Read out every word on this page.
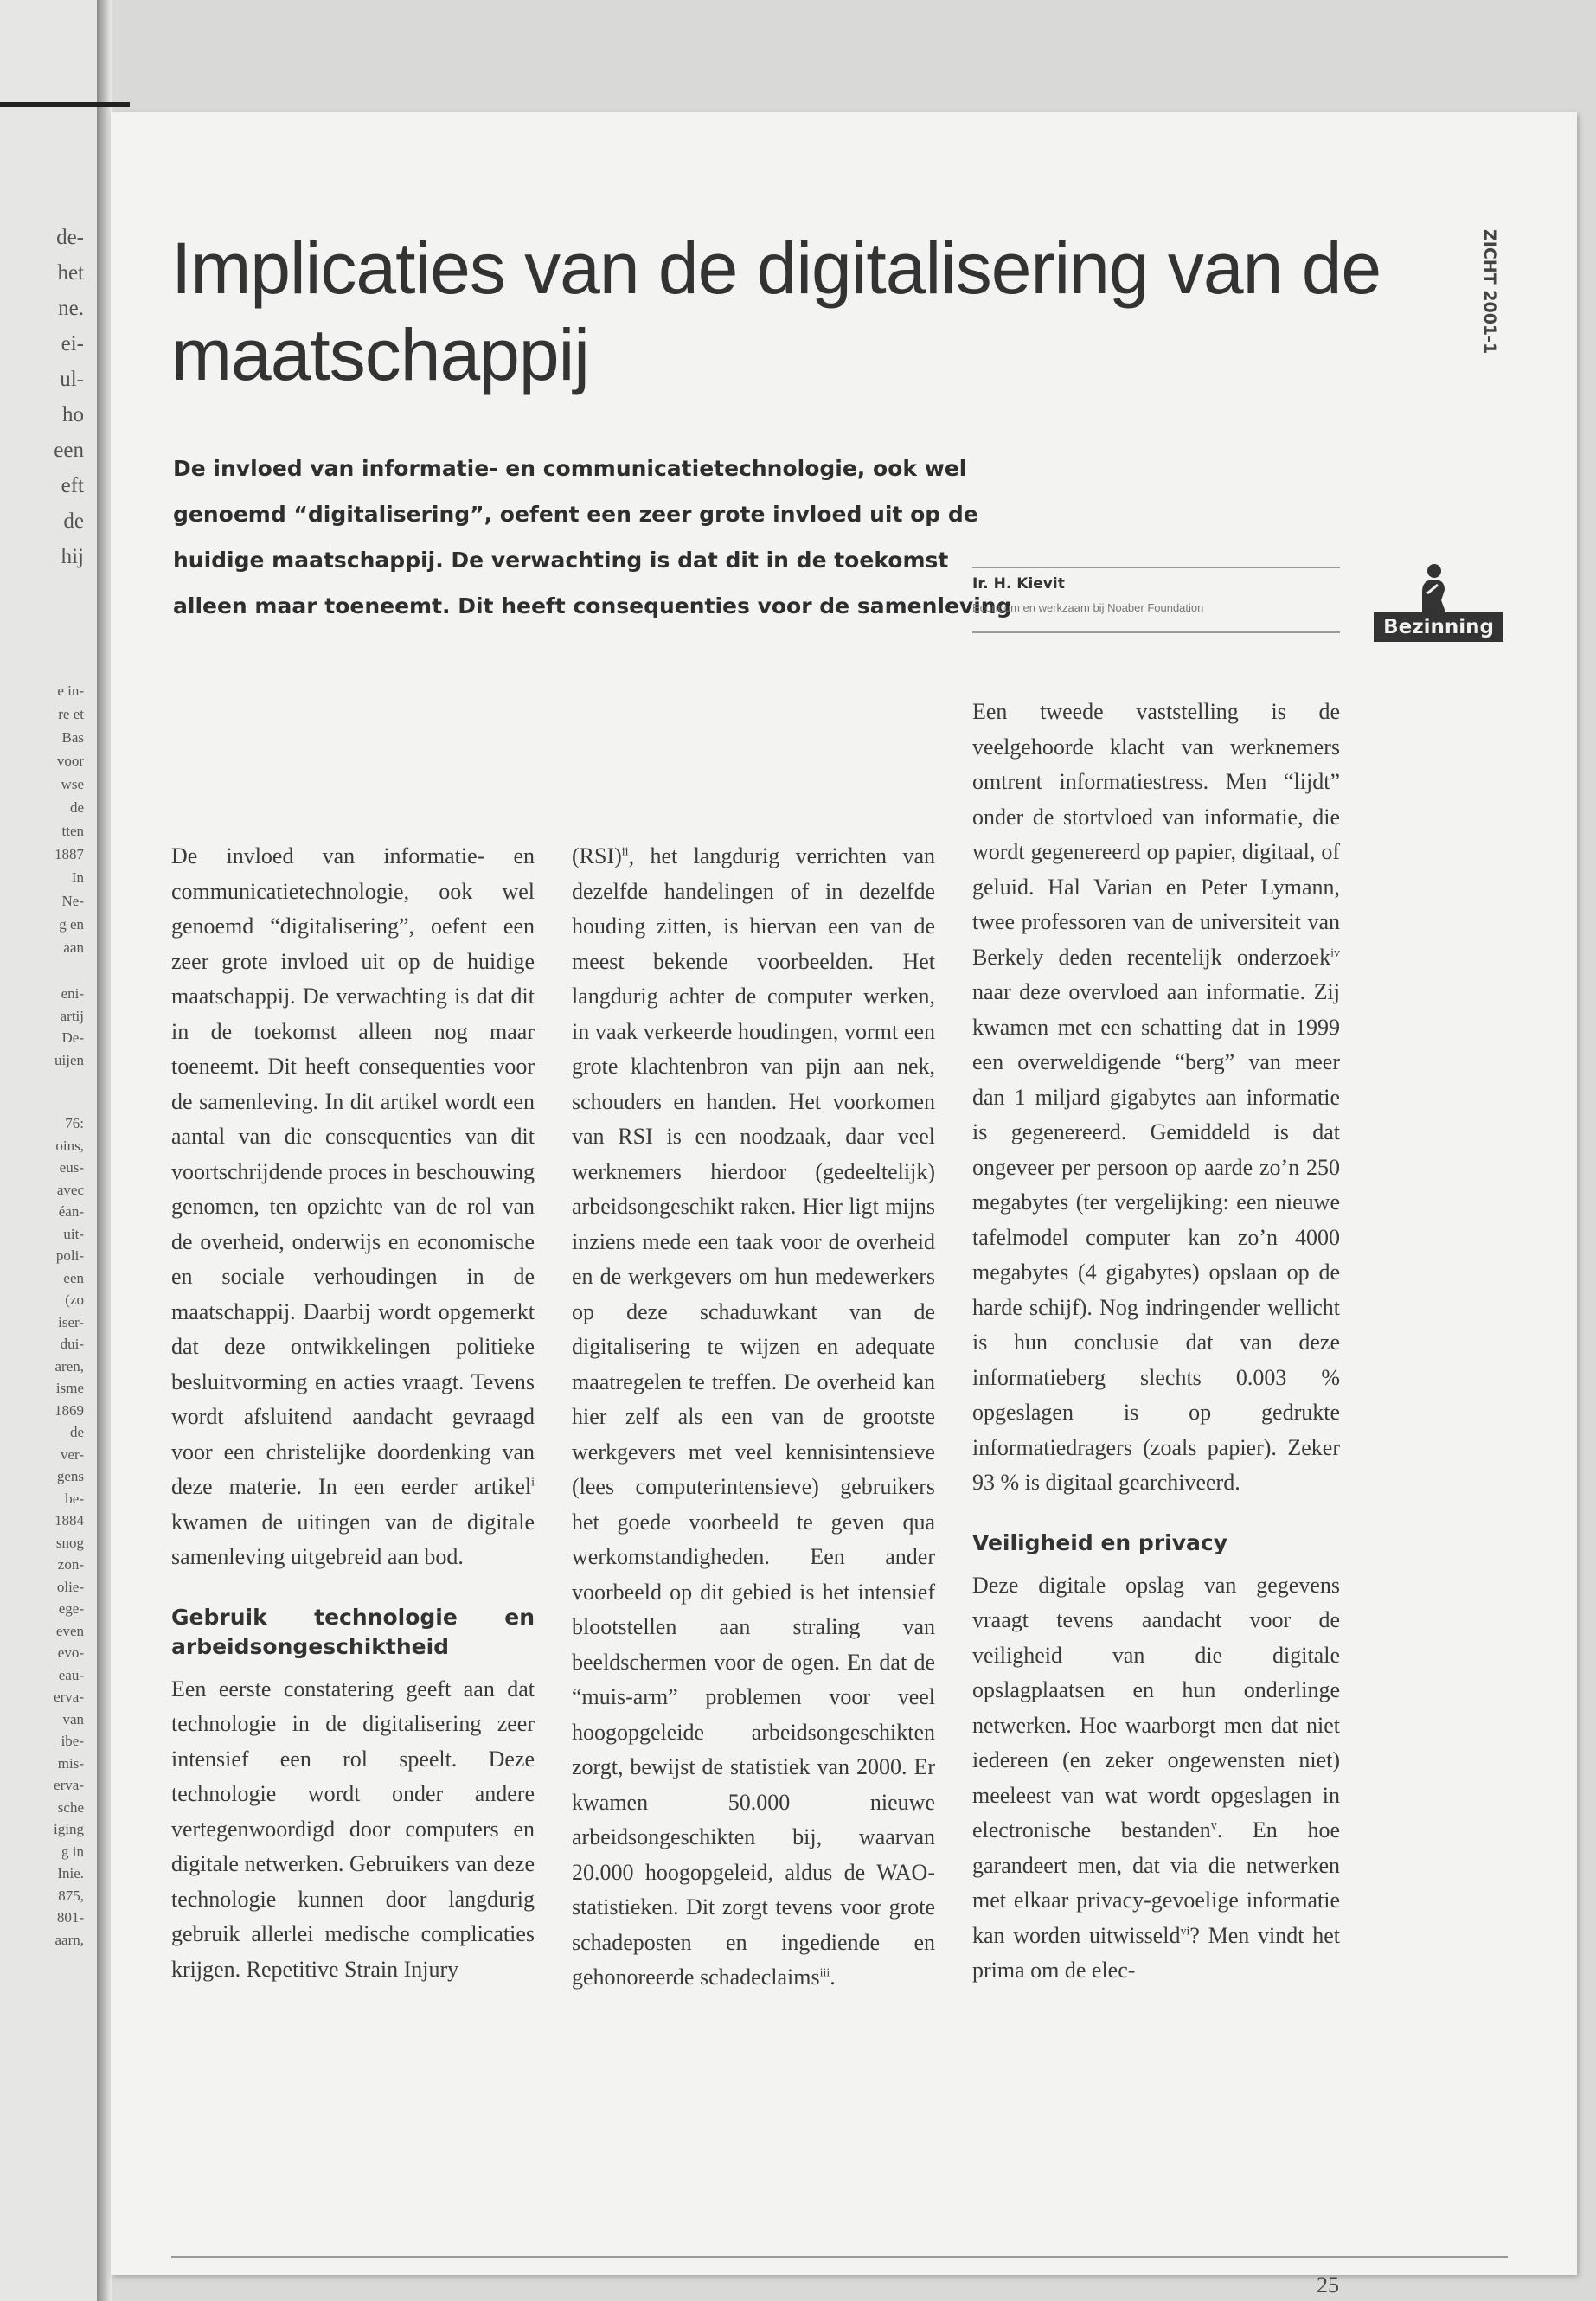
de-
het
ne.
ei-
ul-
ho
een
eft
de
hij
e in-
re et
Bas
voor
wse
de
tten
1887
In
Ne-
g en
aan
eni-
artij
De-
uijen
76:
oins,
eus-
avec
éan-
uit-
poli-
een
(zo
iser-
dui-
aren,
isme
1869
de
ver-
gens
be-
1884
snog
zon-
olie-
ege-
even
evo-
eau-
erva-
van
ibe-
mis-
erva-
sche
iging
g in
Inie.
875,
801-
aarn,
Implicaties van de digitalisering van de maatschappij

De invloed van informatie- en communicatietechnologie, ook wel genoemd “digitalisering”, oefent een zeer grote invloed uit op de huidige maatschappij. De verwachting is dat dit in de toekomst alleen maar toeneemt. Dit heeft consequenties voor de samenleving

De invloed van informatie- en communicatietechnologie, ook wel genoemd “digitalisering”, oefent een zeer grote invloed uit op de huidige maatschappij. De verwachting is dat dit in de toekomst alleen nog maar toeneemt. Dit heeft consequenties voor de samenleving. In dit artikel wordt een aantal van die consequenties van dit voortschrijdende proces in beschouwing genomen, ten opzichte van de rol van de overheid, onderwijs en economische en sociale verhoudingen in de maatschappij. Daarbij wordt opgemerkt dat deze ontwikkelingen politieke besluitvorming en acties vraagt. Tevens wordt afsluitend aandacht gevraagd voor een christelijke doordenking van deze materie. In een eerder artikel$^i$ kwamen de uitingen van de digitale samenleving uitgebreid aan bod.

Gebruik technologie en arbeidsongeschiktheid

Een eerste constatering geeft aan dat technologie in de digitalisering zeer intensief een rol speelt. Deze technologie wordt onder andere vertegenwoordigd door computers en digitale netwerken. Gebruikers van deze technologie kunnen door langdurig gebruik allerlei medische complicaties krijgen. Repetitive Strain Injury

(RSI)$^{ii}$, het langdurig verrichten van dezelfde handelingen of in dezelfde houding zitten, is hiervan een van de meest bekende voorbeelden. Het langdurig achter de computer werken, in vaak verkeerde houdingen, vormt een grote klachtenbron van pijn aan nek, schouders en handen. Het voorkomen van RSI is een noodzaak, daar veel werknemers hierdoor (gedeeltelijk) arbeidsongeschikt raken. Hier ligt mijns inziens mede een taak voor de overheid en de werkgevers om hun medewerkers op deze schaduwkant van de digitalisering te wijzen en adequate maatregelen te treffen. De overheid kan hier zelf als een van de grootste werkgevers met veel kennisintensieve (lees computerintensieve) gebruikers het goede voorbeeld te geven qua werkomstandigheden. Een ander voorbeeld op dit gebied is het intensief blootstellen aan straling van beeldschermen voor de ogen. En dat de “muis-arm” problemen voor veel hoogopgeleide arbeidsongeschikten zorgt, bewijst de statistiek van 2000. Er kwamen 50.000 nieuwe arbeidsongeschikten bij, waarvan 20.000 hoogopgeleid, aldus de WAO-statistieken. Dit zorgt tevens voor grote schadeposten en ingediende en gehonoreerde schadeclaims$^{iii}$.

Ir. H. Kievit

Econoom en werkzaam bij Noaber Foundation

Een tweede vaststelling is de veelgehoorde klacht van werknemers omtrent informatiestress. Men “lijdt” onder de stortvloed van informatie, die wordt gegenereerd op papier, digitaal, of geluid. Hal Varian en Peter Lymann, twee professoren van de universiteit van Berkely deden recentelijk onderzoek$^{iv}$ naar deze overvloed aan informatie. Zij kwamen met een schatting dat in 1999 een overweldigende “berg” van meer dan 1 miljard gigabytes aan informatie is gegenereerd. Gemiddeld is dat ongeveer per persoon op aarde zo’n 250 megabytes (ter vergelijking: een nieuwe tafelmodel computer kan zo’n 4000 megabytes (4 gigabytes) opslaan op de harde schijf). Nog indringender wellicht is hun conclusie dat van deze informatieberg slechts 0.003 % opgeslagen is op gedrukte informatiedragers (zoals papier). Zeker 93 % is digitaal gearchiveerd.

Veiligheid en privacy

Deze digitale opslag van gegevens vraagt tevens aandacht voor de veiligheid van die digitale opslagplaatsen en hun onderlinge netwerken. Hoe waarborgt men dat niet iedereen (en zeker ongewensten niet) meeleest van wat wordt opgeslagen in electronische bestanden$^v$. En hoe garandeert men, dat via die netwerken met elkaar privacy-gevoelige informatie kan worden uitwisseld$^{vi}$? Men vindt het prima om de elec-

ZICHT 2001-1

Bezinning

25
